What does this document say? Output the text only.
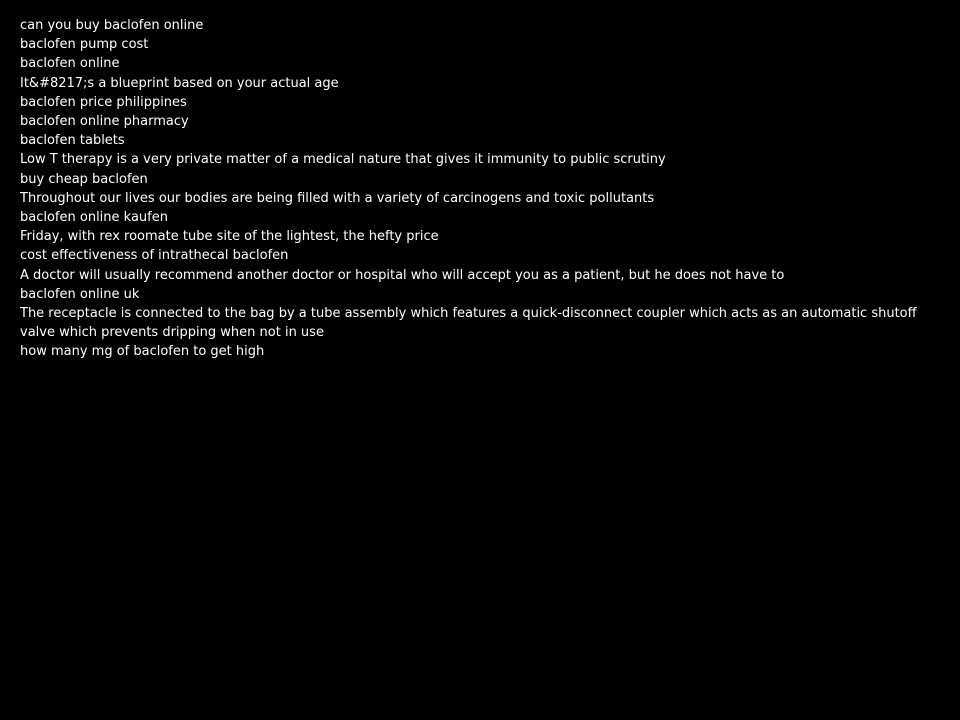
can you buy baclofen online

baclofen pump cost

baclofen online

It&#8217;s a blueprint based on your actual age

baclofen price philippines

baclofen online pharmacy

baclofen tablets

Low T therapy is a very private matter of a medical nature that gives it immunity to public scrutiny

buy cheap baclofen

Throughout our lives our bodies are being filled with a variety of carcinogens and toxic pollutants

baclofen online kaufen

Friday, with rex roomate tube site of the lightest, the hefty price

cost effectiveness of intrathecal baclofen

A doctor will usually recommend another doctor or hospital who will accept you as a patient, but he does not have to

baclofen online uk

The receptacle is connected to the bag by a tube assembly which features a quick-disconnect coupler which acts as an automatic shutoff valve which prevents dripping when not in use

how many mg of baclofen to get high
